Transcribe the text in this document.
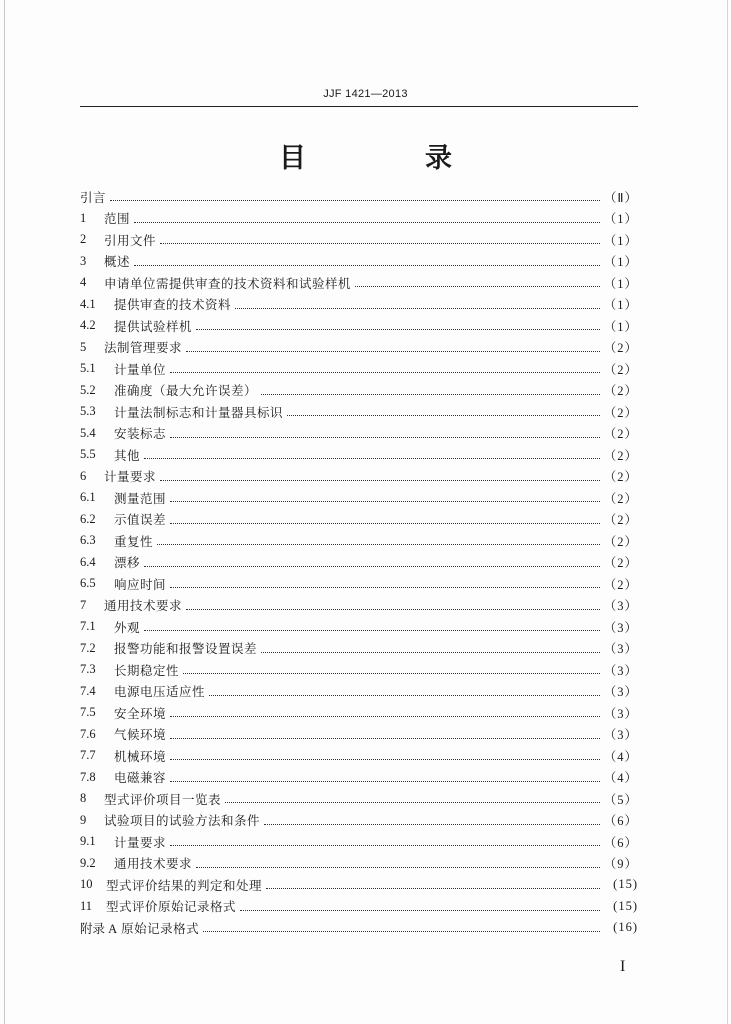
JJF 1421—2013
目　录
引言	（Ⅱ）
1	范围	（1）
2	引用文件	（1）
3	概述	（1）
4	申请单位需提供审查的技术资料和试验样机	（1）
4.1	提供审查的技术资料	（1）
4.2	提供试验样机	（1）
5	法制管理要求	（2）
5.1	计量单位	（2）
5.2	准确度（最大允许误差）	（2）
5.3	计量法制标志和计量器具标识	（2）
5.4	安装标志	（2）
5.5	其他	（2）
6	计量要求	（2）
6.1	测量范围	（2）
6.2	示值误差	（2）
6.3	重复性	（2）
6.4	漂移	（2）
6.5	响应时间	（2）
7	通用技术要求	（3）
7.1	外观	（3）
7.2	报警功能和报警设置误差	（3）
7.3	长期稳定性	（3）
7.4	电源电压适应性	（3）
7.5	安全环境	（3）
7.6	气候环境	（3）
7.7	机械环境	（4）
7.8	电磁兼容	（4）
8	型式评价项目一览表	（5）
9	试验项目的试验方法和条件	（6）
9.1	计量要求	（6）
9.2	通用技术要求	（9）
10	型式评价结果的判定和处理	(15)
11	型式评价原始记录格式	(15)
附录 A 原始记录格式	(16)
I
